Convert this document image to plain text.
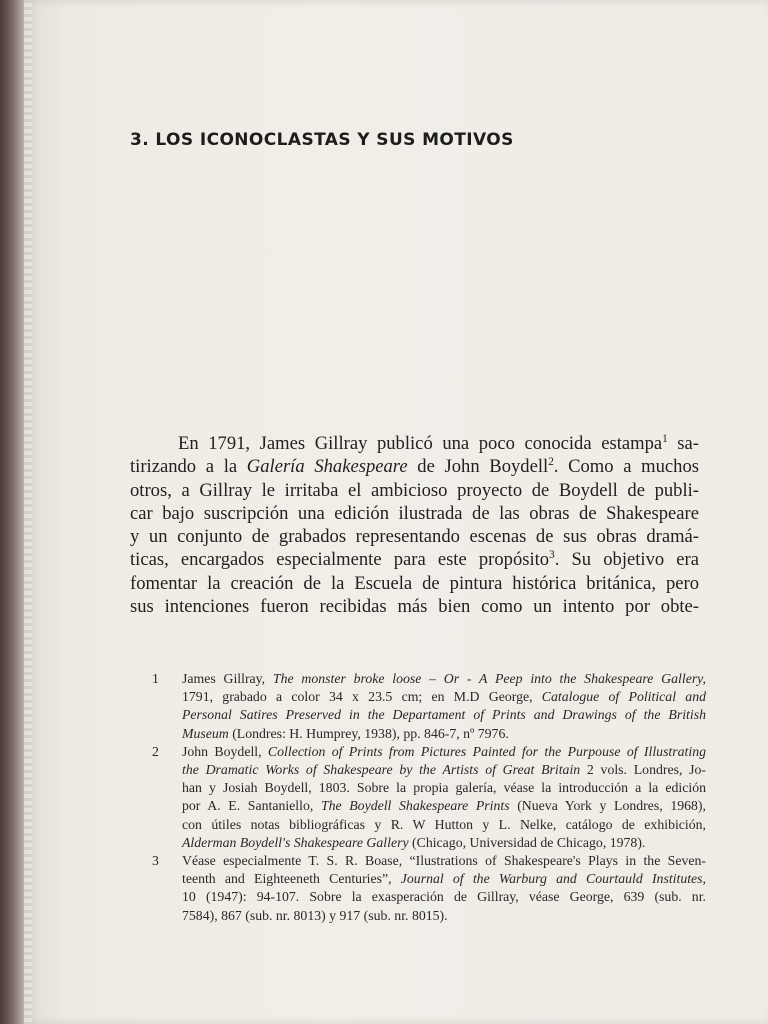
3. LOS ICONOCLASTAS Y SUS MOTIVOS
En 1791, James Gillray publicó una poco conocida estampa$^1$ sa-
tirizando a la Galería Shakespeare de John Boydell$^2$. Como a muchos
otros, a Gillray le irritaba el ambicioso proyecto de Boydell de publi-
car bajo suscripción una edición ilustrada de las obras de Shakespeare
y un conjunto de grabados representando escenas de sus obras dramá-
ticas, encargados especialmente para este propósito$^3$. Su objetivo era
fomentar la creación de la Escuela de pintura histórica británica, pero
sus intenciones fueron recibidas más bien como un intento por obte-
1	James Gillray, The monster broke loose – Or - A Peep into the Shakespeare Gallery,
1791, grabado a color 34 x 23.5 cm; en M.D George, Catalogue of Political and
Personal Satires Preserved in the Departament of Prints and Drawings of the British
Museum (Londres: H. Humprey, 1938), pp. 846-7, nº 7976.
2	John Boydell, Collection of Prints from Pictures Painted for the Purpouse of Illustrating
the Dramatic Works of Shakespeare by the Artists of Great Britain 2 vols. Londres, Jo-
han y Josiah Boydell, 1803. Sobre la propia galería, véase la introducción a la edición
por A. E. Santaniello, The Boydell Shakespeare Prints (Nueva York y Londres, 1968),
con útiles notas bibliográficas y R. W Hutton y L. Nelke, catálogo de exhibición,
Alderman Boydell's Shakespeare Gallery (Chicago, Universidad de Chicago, 1978).
3	Véase especialmente T. S. R. Boase, “Ilustrations of Shakespeare's Plays in the Seven-
teenth and Eighteeneth Centuries”, Journal of the Warburg and Courtauld Institutes,
10 (1947): 94-107. Sobre la exasperación de Gillray, véase George, 639 (sub. nr.
7584), 867 (sub. nr. 8013) y 917 (sub. nr. 8015).
